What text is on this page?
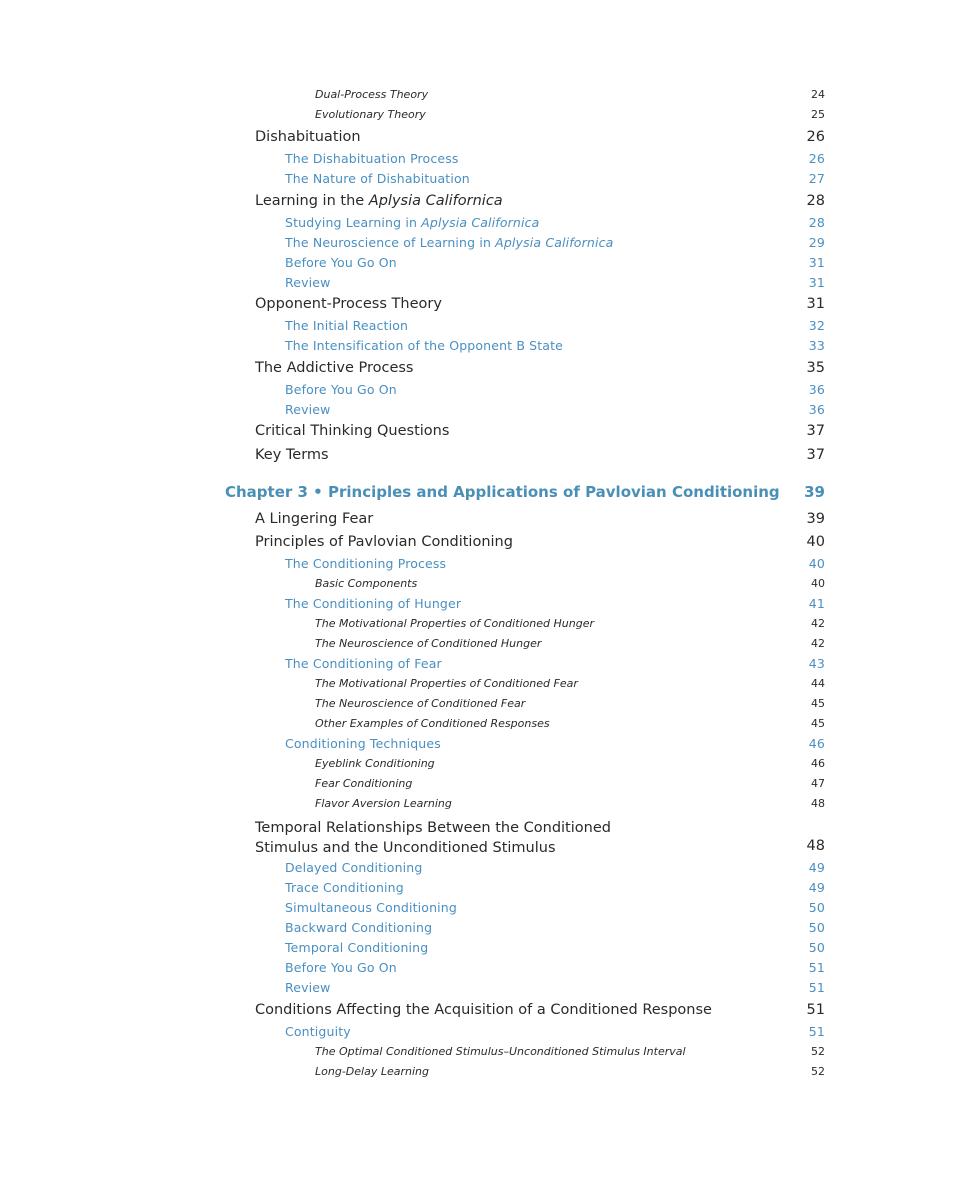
Dual-Process Theory	24
Evolutionary Theory	25
Dishabituation	26
The Dishabituation Process	26
The Nature of Dishabituation	27
Learning in the Aplysia Californica	28
Studying Learning in Aplysia Californica	28
The Neuroscience of Learning in Aplysia Californica	29
Before You Go On	31
Review	31
Opponent-Process Theory	31
The Initial Reaction	32
The Intensification of the Opponent B State	33
The Addictive Process	35
Before You Go On	36
Review	36
Critical Thinking Questions	37
Key Terms	37
Chapter 3 • Principles and Applications of Pavlovian Conditioning 39
A Lingering Fear	39
Principles of Pavlovian Conditioning	40
The Conditioning Process	40
Basic Components	40
The Conditioning of Hunger	41
The Motivational Properties of Conditioned Hunger	42
The Neuroscience of Conditioned Hunger	42
The Conditioning of Fear	43
The Motivational Properties of Conditioned Fear	44
The Neuroscience of Conditioned Fear	45
Other Examples of Conditioned Responses	45
Conditioning Techniques	46
Eyeblink Conditioning	46
Fear Conditioning	47
Flavor Aversion Learning	48
Temporal Relationships Between the Conditioned
Stimulus and the Unconditioned Stimulus	48
Delayed Conditioning	49
Trace Conditioning	49
Simultaneous Conditioning	50
Backward Conditioning	50
Temporal Conditioning	50
Before You Go On	51
Review	51
Conditions Affecting the Acquisition of a Conditioned Response	51
Contiguity	51
The Optimal Conditioned Stimulus–Unconditioned Stimulus Interval	52
Long-Delay Learning	52
